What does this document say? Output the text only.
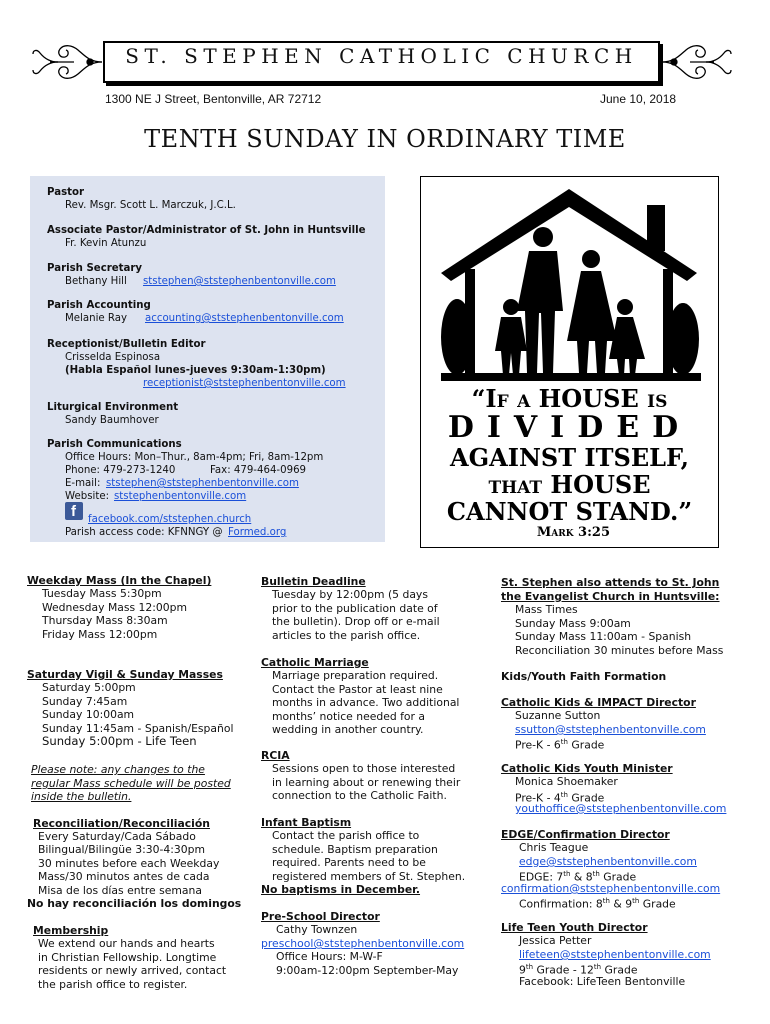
ST. STEPHEN CATHOLIC CHURCH
1300 NE J Street, Bentonville, AR 72712	June 10, 2018
TENTH SUNDAY IN ORDINARY TIME
Pastor
Rev. Msgr. Scott L. Marczuk, J.C.L.
Associate Pastor/Administrator of St. John in Huntsville
Fr. Kevin Atunzu
Parish Secretary
Bethany Hill ststephen@ststephenbentonville.com
Parish Accounting
Melanie Ray accounting@ststephenbentonville.com
Receptionist/Bulletin Editor
Crisselda Espinosa
(Habla Español lunes-jueves 9:30am-1:30pm)
receptionist@ststephenbentonville.com
Liturgical Environment
Sandy Baumhover
Parish Communications
Office Hours: Mon–Thur., 8am-4pm; Fri, 8am-12pm
Phone: 479-273-1240	Fax: 479-464-0969
E-mail: ststephen@ststephenbentonville.com
Website: ststephenbentonville.com
f facebook.com/ststephen.church
Parish access code: KFNNGY @ Formed.org
“If a HOUSE is
DIVIDED
AGAINST ITSELF,
that HOUSE
CANNOT STAND.”
Mark 3:25
Weekday Mass (In the Chapel)
Tuesday Mass 5:30pm
Wednesday Mass 12:00pm
Thursday Mass 8:30am
Friday Mass 12:00pm
Saturday Vigil & Sunday Masses
Saturday 5:00pm
Sunday 7:45am
Sunday 10:00am
Sunday 11:45am - Spanish/Español
Sunday 5:00pm - Life Teen
Please note: any changes to the
regular Mass schedule will be posted
inside the bulletin.
Reconciliation/Reconciliación
Every Saturday/Cada Sábado
Bilingual/Bilingüe 3:30-4:30pm
30 minutes before each Weekday
Mass/30 minutos antes de cada
Misa de los días entre semana
No hay reconciliación los domingos
Membership
We extend our hands and hearts
in Christian Fellowship. Longtime
residents or newly arrived, contact
the parish office to register.
Bulletin Deadline
Tuesday by 12:00pm (5 days
prior to the publication date of
the bulletin). Drop off or e-mail
articles to the parish office.
Catholic Marriage
Marriage preparation required.
Contact the Pastor at least nine
months in advance. Two additional
months’ notice needed for a
wedding in another country.
RCIA
Sessions open to those interested
in learning about or renewing their
connection to the Catholic Faith.
Infant Baptism
Contact the parish office to
schedule. Baptism preparation
required. Parents need to be
registered members of St. Stephen.
No baptisms in December.
Pre-School Director
Cathy Townzen
preschool@ststephenbentonville.com
Office Hours: M-W-F
9:00am-12:00pm September-May
St. Stephen also attends to St. John
the Evangelist Church in Huntsville:
Mass Times
Sunday Mass 9:00am
Sunday Mass 11:00am - Spanish
Reconciliation 30 minutes before Mass
Kids/Youth Faith Formation
Catholic Kids & IMPACT Director
Suzanne Sutton
ssutton@ststephenbentonville.com
Pre-K - 6th Grade
Catholic Kids Youth Minister
Monica Shoemaker
Pre-K - 4th Grade
youthoffice@ststephenbentonville.com
EDGE/Confirmation Director
Chris Teague
edge@ststephenbentonville.com
EDGE: 7th & 8th Grade
confirmation@ststephenbentonville.com
Confirmation: 8th & 9th Grade
Life Teen Youth Director
Jessica Petter
lifeteen@ststephenbentonville.com
9th Grade - 12th Grade
Facebook: LifeTeen Bentonville
